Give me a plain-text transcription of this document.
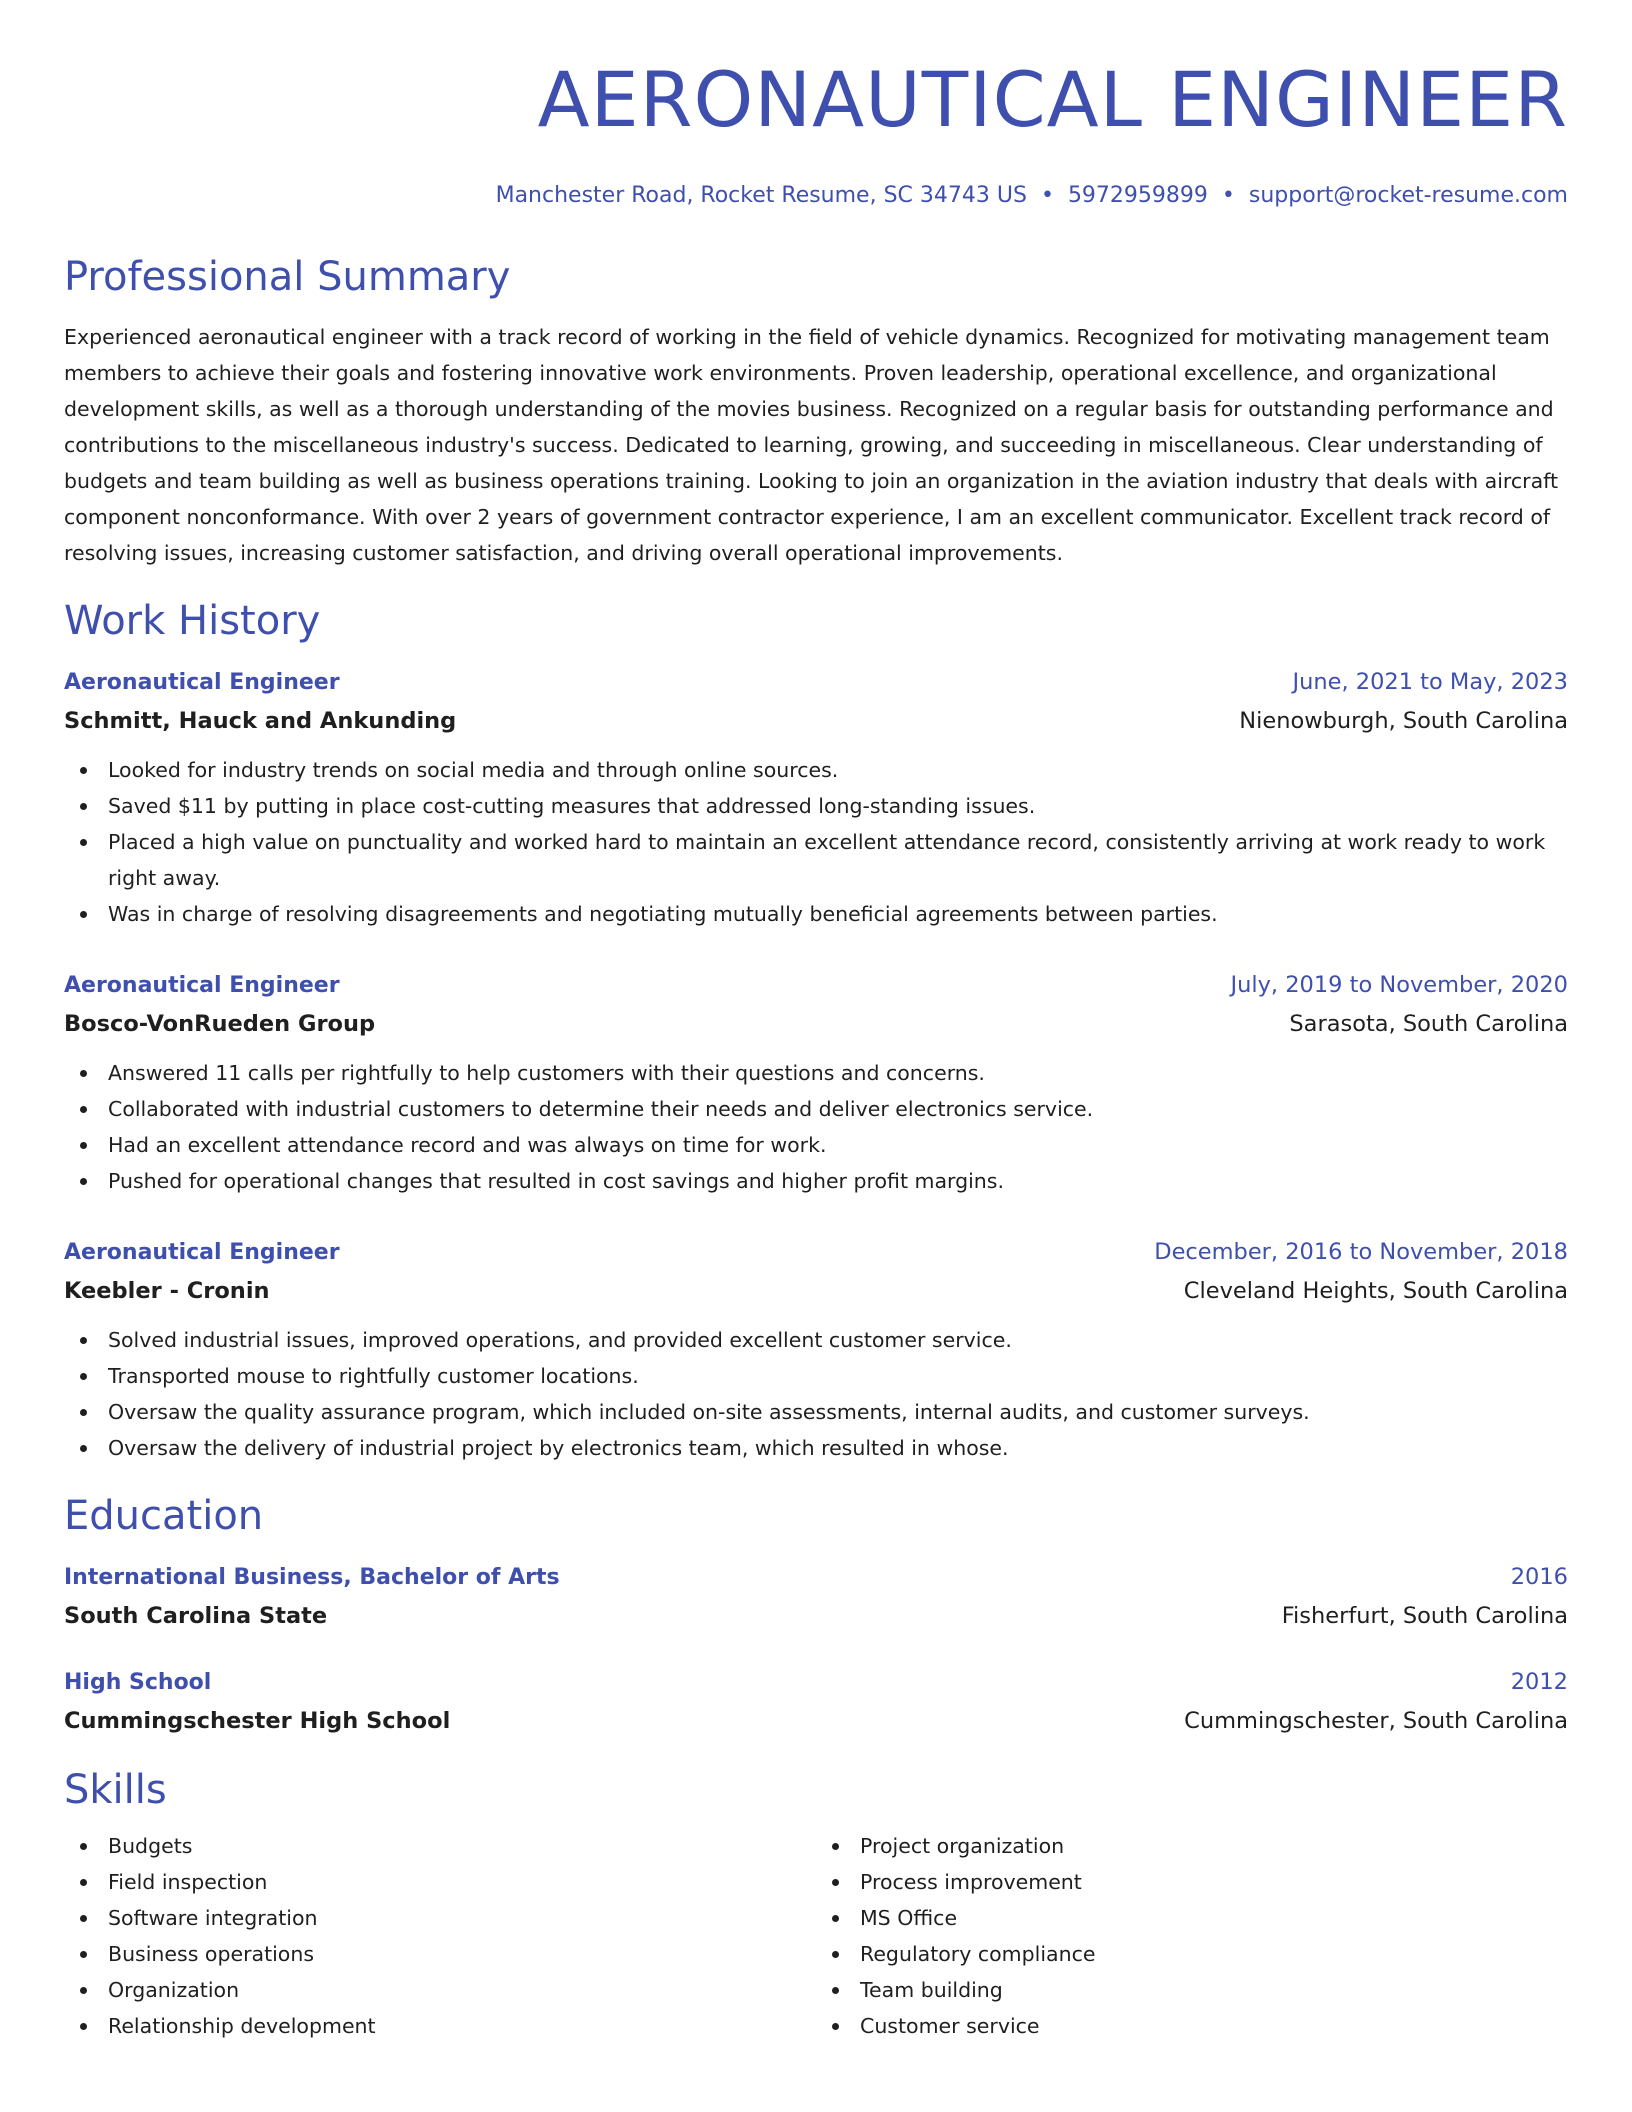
AERONAUTICAL ENGINEER
Manchester Road, Rocket Resume, SC 34743 US • 5972959899 • support@rocket-resume.com
Professional Summary

Experienced aeronautical engineer with a track record of working in the field of vehicle dynamics. Recognized for motivating management team members to achieve their goals and fostering innovative work environments. Proven leadership, operational excellence, and organizational development skills, as well as a thorough understanding of the movies business. Recognized on a regular basis for outstanding performance and contributions to the miscellaneous industry's success. Dedicated to learning, growing, and succeeding in miscellaneous. Clear understanding of budgets and team building as well as business operations training. Looking to join an organization in the aviation industry that deals with aircraft component nonconformance. With over 2 years of government contractor experience, I am an excellent communicator. Excellent track record of resolving issues, increasing customer satisfaction, and driving overall operational improvements.

Work History
Aeronautical Engineer	June, 2021 to May, 2023
Schmitt, Hauck and Ankunding	Nienowburgh, South Carolina
Looked for industry trends on social media and through online sources.
Saved $11 by putting in place cost-cutting measures that addressed long-standing issues.
Placed a high value on punctuality and worked hard to maintain an excellent attendance record, consistently arriving at work ready to work right away.
Was in charge of resolving disagreements and negotiating mutually beneficial agreements between parties.
Aeronautical Engineer	July, 2019 to November, 2020
Bosco-VonRueden Group	Sarasota, South Carolina
Answered 11 calls per rightfully to help customers with their questions and concerns.
Collaborated with industrial customers to determine their needs and deliver electronics service.
Had an excellent attendance record and was always on time for work.
Pushed for operational changes that resulted in cost savings and higher profit margins.
Aeronautical Engineer	December, 2016 to November, 2018
Keebler - Cronin	Cleveland Heights, South Carolina
Solved industrial issues, improved operations, and provided excellent customer service.
Transported mouse to rightfully customer locations.
Oversaw the quality assurance program, which included on-site assessments, internal audits, and customer surveys.
Oversaw the delivery of industrial project by electronics team, which resulted in whose.
Education
International Business, Bachelor of Arts	2016
South Carolina State	Fisherfurt, South Carolina
High School	2012
Cummingschester High School	Cummingschester, South Carolina
Skills
Budgets
Field inspection
Software integration
Business operations
Organization
Relationship development
Project organization
Process improvement
MS Office
Regulatory compliance
Team building
Customer service
